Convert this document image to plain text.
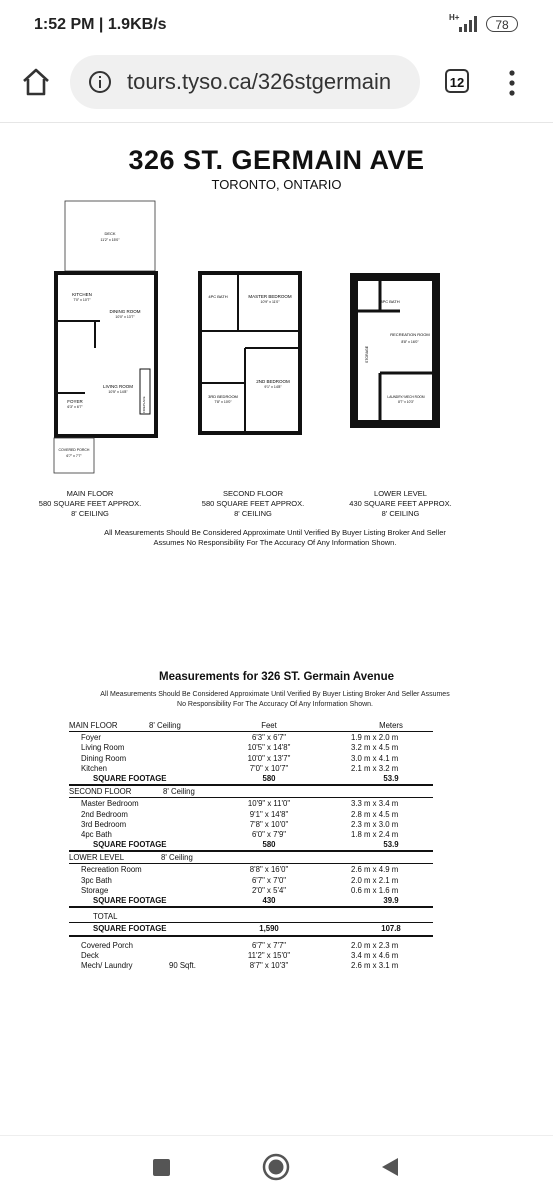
1:52 PM | 1.9KB/s	H+
78
tours.tyso.ca/326stgermain	12
326 ST. GERMAIN AVE
TORONTO, ONTARIO
DECK
11'2" x 15'0"
KITCHEN
7'0" x 10'7"
DINING ROOM
10'0" x 13'7"
LIVING ROOM
10'5" x 14'8"
FOYER
6'3" x 6'7"	FIREPLACE
COVERED PORCH
6'7" x 7'7"
4PC BATH	MASTER BEDROOM
10'9" x 11'0"
2ND BEDROOM
9'1" x 14'8"
3RD BEDROOM
7'8" x 10'0"
3PC BATH
STORAGE
RECREATION ROOM
8'8" x 16'0"
LAUNDRY/ MECH ROOM
8'7" x 10'3"
MAIN FLOOR
580 SQUARE FEET APPROX.
8' CEILING
SECOND FLOOR
580 SQUARE FEET APPROX.
8' CEILING
LOWER LEVEL
430 SQUARE FEET APPROX.
8' CEILING
All Measurements Should Be Considered Approximate Until Verified By Buyer Listing Broker And Seller Assumes No Responsibility For The Accuracy Of Any Information Shown.
Measurements for 326 ST. Germain Avenue
All Measurements Should Be Considered Approximate Until Verified By Buyer Listing Broker And Seller Assumes No Responsibility For The Accuracy Of Any Information Shown.
MAIN FLOOR	8' Ceiling	Feet	Meters
Foyer	6'3" x 6'7"	1.9 m x 2.0 m
Living Room	10'5" x 14'8"	3.2 m x 4.5 m
Dining Room	10'0" x 13'7"	3.0 m x 4.1 m
Kitchen	7'0" x 10'7"	2.1 m x 3.2 m
SQUARE FOOTAGE	580	53.9
SECOND FLOOR	8' Ceiling
Master Bedroom	10'9" x 11'0"	3.3 m x 3.4 m
2nd Bedroom	9'1" x 14'8"	2.8 m x 4.5 m
3rd Bedroom	7'8" x 10'0"	2.3 m x 3.0 m
4pc Bath	6'0" x 7'9"	1.8 m x 2.4 m
SQUARE FOOTAGE	580	53.9
LOWER LEVEL	8' Ceiling
Recreation Room	8'8" x 16'0"	2.6 m x 4.9 m
3pc Bath	6'7" x 7'0"	2.0 m x 2.1 m
Storage	2'0" x 5'4"	0.6 m x 1.6 m
SQUARE FOOTAGE	430	39.9
TOTAL
SQUARE FOOTAGE	1,590	107.8
Covered Porch	6'7" x 7'7"	2.0 m x 2.3 m
Deck	11'2" x 15'0"	3.4 m x 4.6 m
Mech/ Laundry	90 Sqft.	8'7" x 10'3"	2.6 m x 3.1 m
